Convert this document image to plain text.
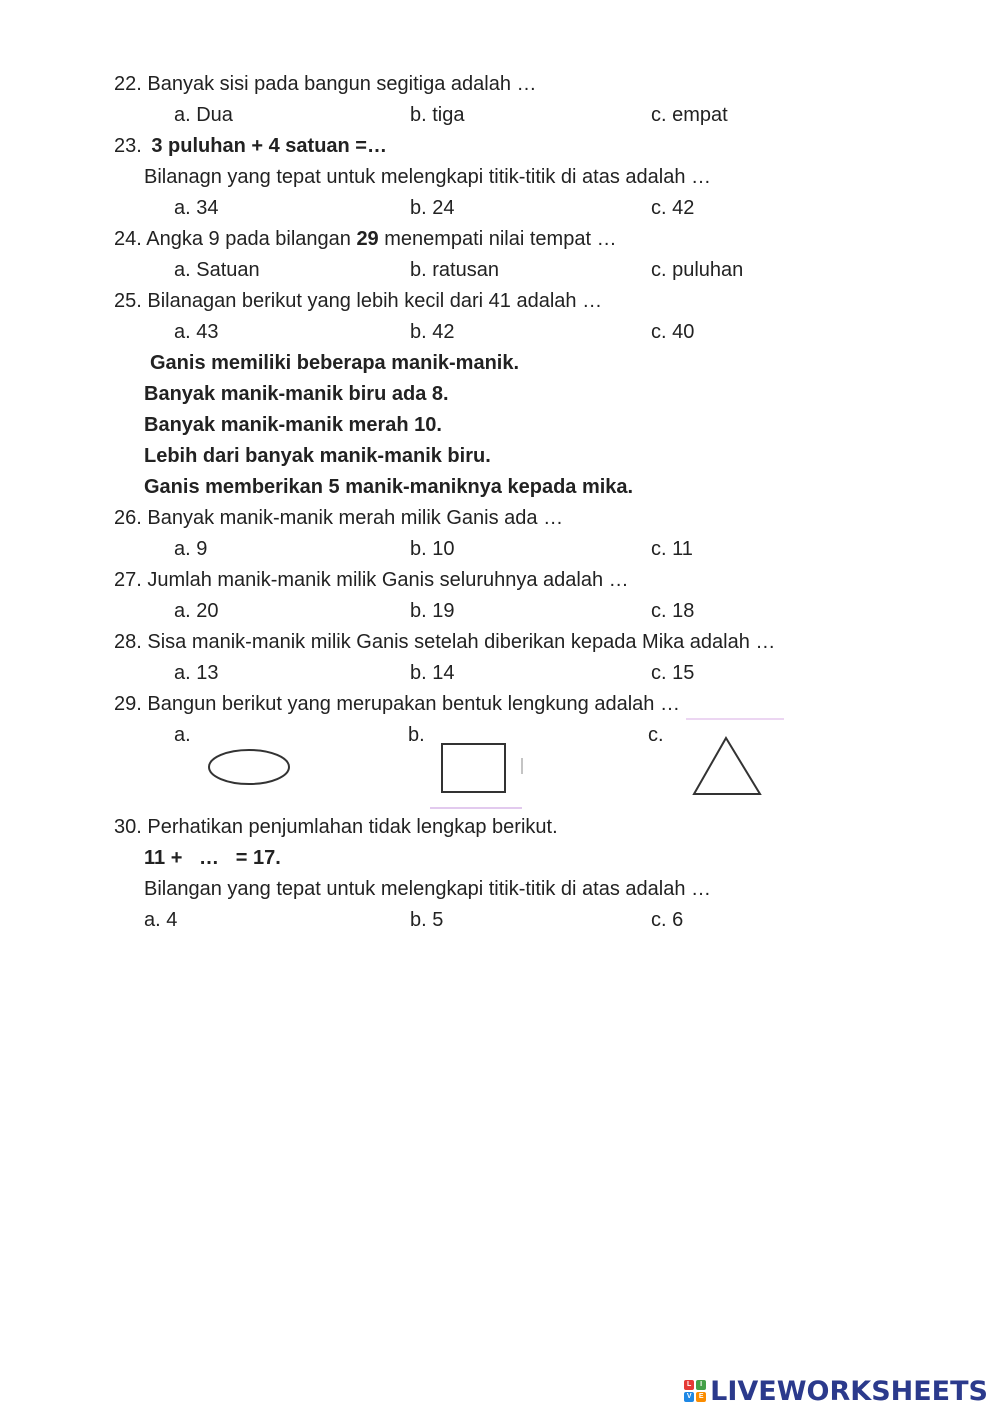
22. Banyak sisi pada bangun segitiga adalah …
a. Dua	b. tiga	c. empat
23. 3 puluhan + 4 satuan =…
Bilanagn yang tepat untuk melengkapi titik-titik di atas adalah …
a. 34	b. 24	c. 42
24. Angka 9 pada bilangan 29 menempati nilai tempat …
a. Satuan	b. ratusan	c. puluhan
25. Bilanagan berikut yang lebih kecil dari 41 adalah …
a. 43	b. 42	c. 40
Ganis memiliki beberapa manik-manik.
Banyak manik-manik biru ada 8.
Banyak manik-manik merah 10.
Lebih dari banyak manik-manik biru.
Ganis memberikan 5 manik-maniknya kepada mika.
26. Banyak manik-manik merah milik Ganis ada …
a. 9	b. 10	c. 11
27. Jumlah manik-manik milik Ganis seluruhnya adalah …
a. 20	b. 19	c. 18
28. Sisa manik-manik milik Ganis setelah diberikan kepada Mika adalah …
a. 13	b. 14	c. 15
29. Bangun berikut yang merupakan bentuk lengkung adalah …
a.	b.	c.
30. Perhatikan penjumlahan tidak lengkap berikut.
11 +   …   = 17.
Bilangan yang tepat untuk melengkapi titik-titik di atas adalah …
a. 4	b. 5	c. 6
L	I
V	E LIVEWORKSHEETS
